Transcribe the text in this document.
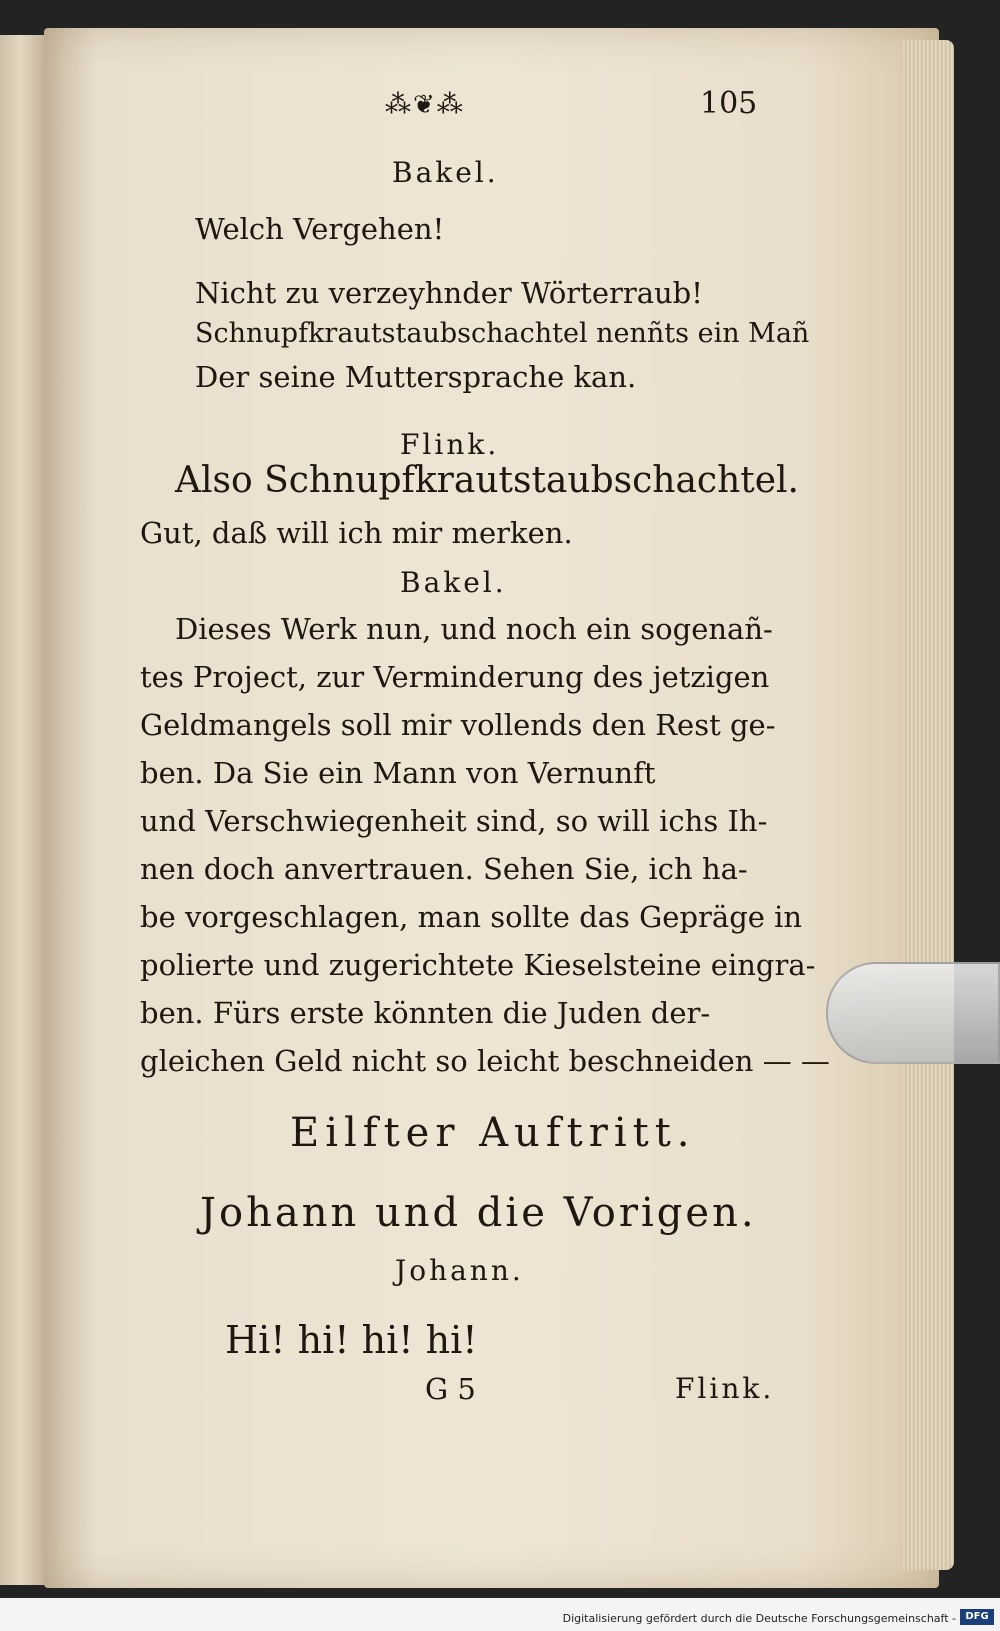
⁂❦⁂	105
Bakel.
Welch Vergehen!
Nicht zu verzeyhnder Wörterraub!
Schnupfkrautstaubschachtel nenñts ein Mañ
Der seine Muttersprache kan.
Flink.
Also Schnupfkrautstaubschachtel.
Gut, daß will ich mir merken.
Bakel.
Dieses Werk nun, und noch ein sogenañ-
tes Project, zur Verminderung des jetzigen
Geldmangels soll mir vollends den Rest ge-
ben. Da Sie ein Mann von Vernunft
und Verschwiegenheit sind, so will ichs Ih-
nen doch anvertrauen. Sehen Sie, ich ha-
be vorgeschlagen, man sollte das Gepräge in
polierte und zugerichtete Kieselsteine eingra-
ben. Fürs erste könnten die Juden der-
gleichen Geld nicht so leicht beschneiden — —
Eilfter Auftritt.
Johann und die Vorigen.
Johann.
Hi! hi! hi! hi!
G 5	Flink.
Digitalisierung gefördert durch die Deutsche Forschungsgemeinschaft - DFG
